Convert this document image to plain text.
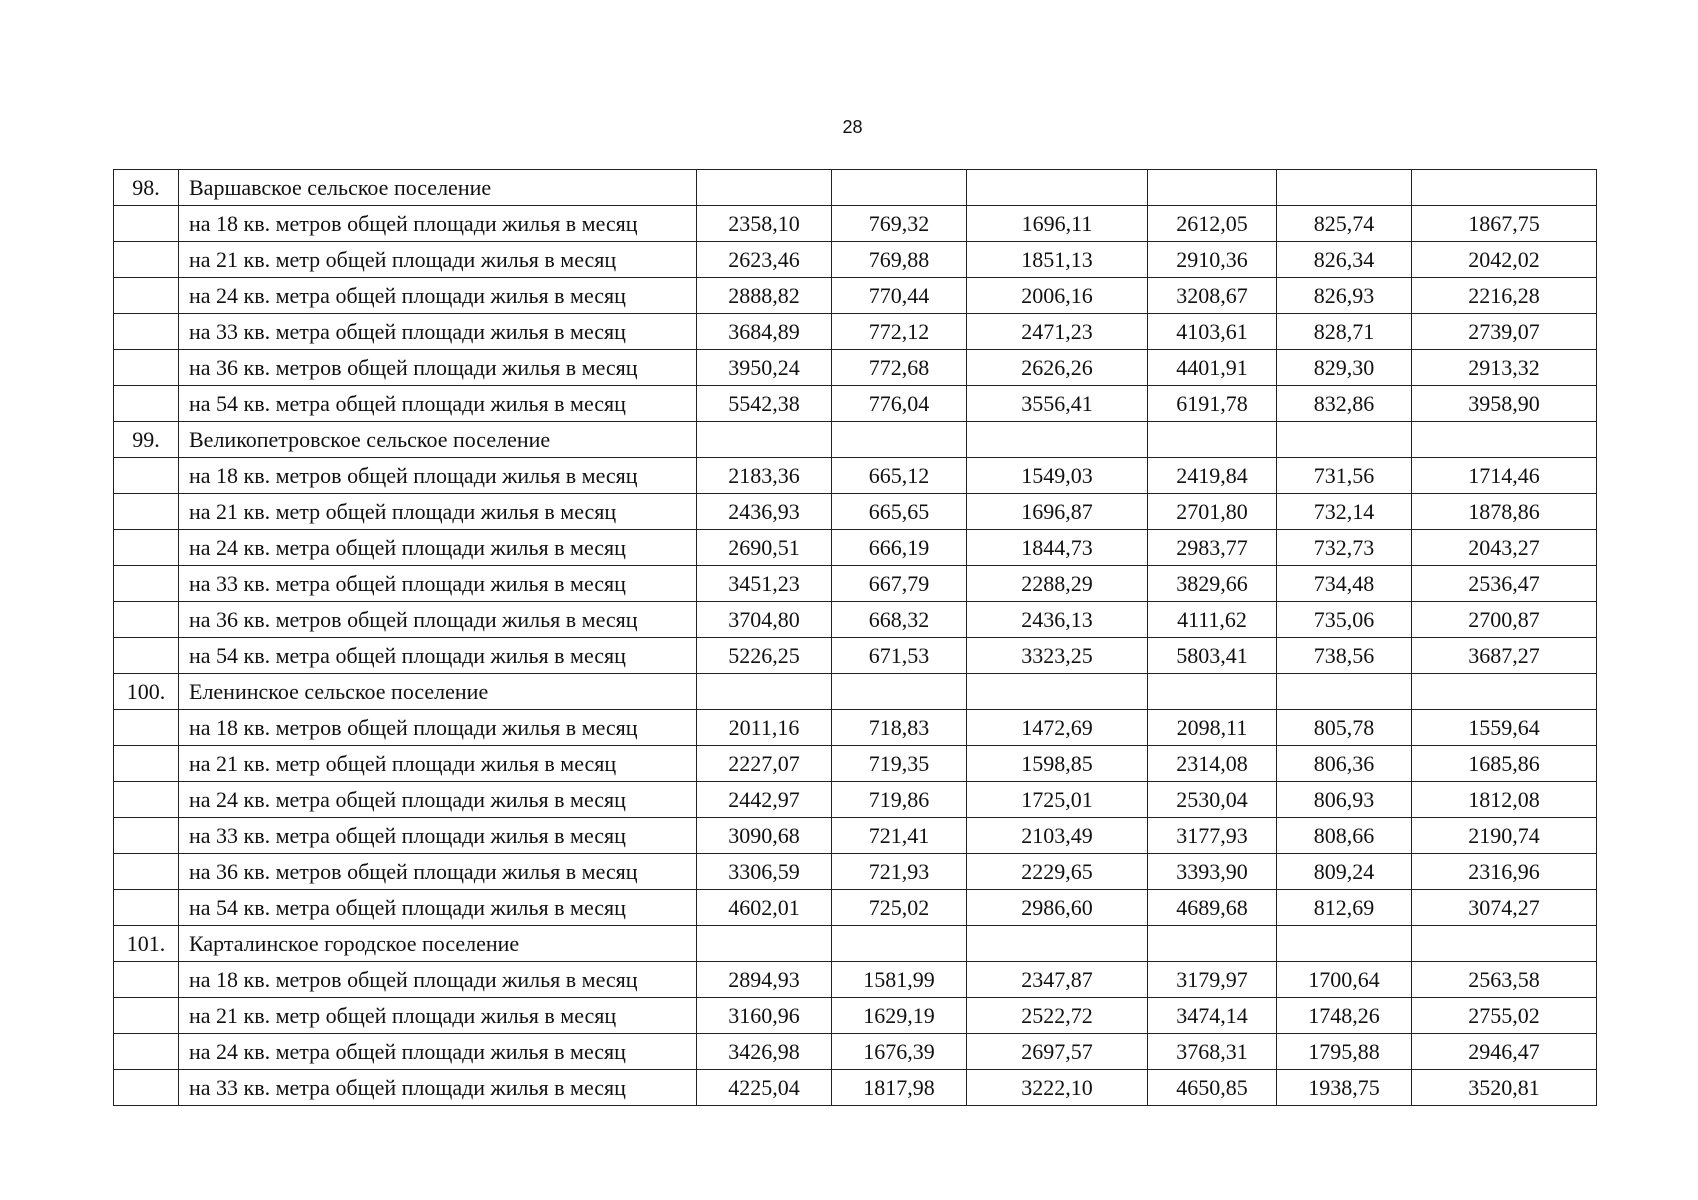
28
98.	Варшавское сельское поселение						
	на 18 кв. метров общей площади жилья в месяц	2358,10	769,32	1696,11	2612,05	825,74	1867,75
	на 21 кв. метр общей площади жилья в месяц	2623,46	769,88	1851,13	2910,36	826,34	2042,02
	на 24 кв. метра общей площади жилья в месяц	2888,82	770,44	2006,16	3208,67	826,93	2216,28
	на 33 кв. метра общей площади жилья в месяц	3684,89	772,12	2471,23	4103,61	828,71	2739,07
	на 36 кв. метров общей площади жилья в месяц	3950,24	772,68	2626,26	4401,91	829,30	2913,32
	на 54 кв. метра общей площади жилья в месяц	5542,38	776,04	3556,41	6191,78	832,86	3958,90
99.	Великопетровское сельское поселение						
	на 18 кв. метров общей площади жилья в месяц	2183,36	665,12	1549,03	2419,84	731,56	1714,46
	на 21 кв. метр общей площади жилья в месяц	2436,93	665,65	1696,87	2701,80	732,14	1878,86
	на 24 кв. метра общей площади жилья в месяц	2690,51	666,19	1844,73	2983,77	732,73	2043,27
	на 33 кв. метра общей площади жилья в месяц	3451,23	667,79	2288,29	3829,66	734,48	2536,47
	на 36 кв. метров общей площади жилья в месяц	3704,80	668,32	2436,13	4111,62	735,06	2700,87
	на 54 кв. метра общей площади жилья в месяц	5226,25	671,53	3323,25	5803,41	738,56	3687,27
100.	Еленинское сельское поселение						
	на 18 кв. метров общей площади жилья в месяц	2011,16	718,83	1472,69	2098,11	805,78	1559,64
	на 21 кв. метр общей площади жилья в месяц	2227,07	719,35	1598,85	2314,08	806,36	1685,86
	на 24 кв. метра общей площади жилья в месяц	2442,97	719,86	1725,01	2530,04	806,93	1812,08
	на 33 кв. метра общей площади жилья в месяц	3090,68	721,41	2103,49	3177,93	808,66	2190,74
	на 36 кв. метров общей площади жилья в месяц	3306,59	721,93	2229,65	3393,90	809,24	2316,96
	на 54 кв. метра общей площади жилья в месяц	4602,01	725,02	2986,60	4689,68	812,69	3074,27
101.	Карталинское городское поселение						
	на 18 кв. метров общей площади жилья в месяц	2894,93	1581,99	2347,87	3179,97	1700,64	2563,58
	на 21 кв. метр общей площади жилья в месяц	3160,96	1629,19	2522,72	3474,14	1748,26	2755,02
	на 24 кв. метра общей площади жилья в месяц	3426,98	1676,39	2697,57	3768,31	1795,88	2946,47
	на 33 кв. метра общей площади жилья в месяц	4225,04	1817,98	3222,10	4650,85	1938,75	3520,81
